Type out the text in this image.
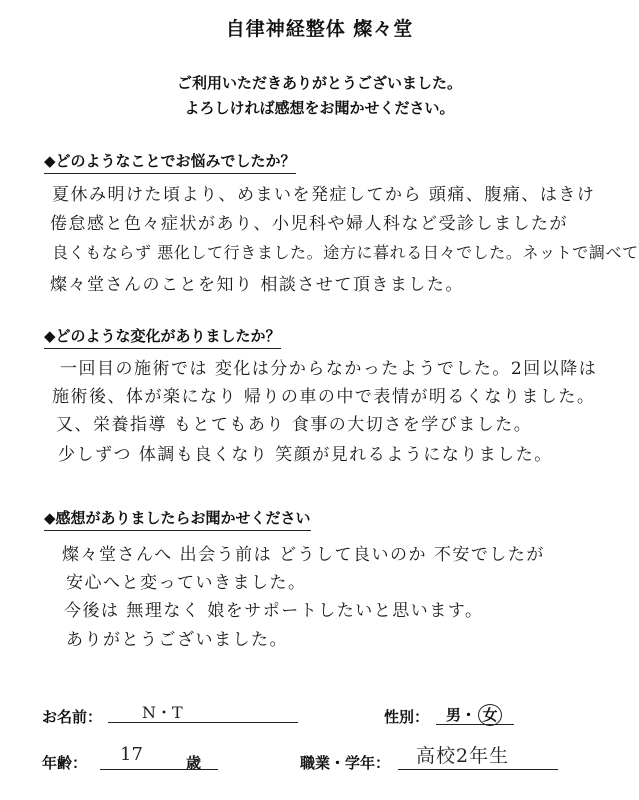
自律神経整体 燦々堂
ご利用いただきありがとうございました。
よろしければ感想をお聞かせください。
◆どのようなことでお悩みでしたか？
夏休み明けた頃より、めまいを発症してから 頭痛、腹痛、はきけ
倦怠感と色々症状があり、小児科や婦人科など受診しましたが
良くもならず 悪化して行きました。途方に暮れる日々でした。ネットで調べて
燦々堂さんのことを知り 相談させて頂きました。
◆どのような変化がありましたか？
一回目の施術では 変化は分からなかったようでした。2回以降は
施術後、体が楽になり 帰りの車の中で表情が明るくなりました。
又、栄養指導 もとてもあり 食事の大切さを学びました。
少しずつ 体調も良くなり 笑顔が見れるようになりました。
◆感想がありましたらお聞かせください
燦々堂さんへ 出会う前は どうして良いのか 不安でしたが
安心へと変っていきました。
今後は 無理なく 娘をサポートしたいと思います。
ありがとうございました。
お名前： N・T	性別： 男・ 女
年齢： 17	歳	職業・学年： 高校2年生
